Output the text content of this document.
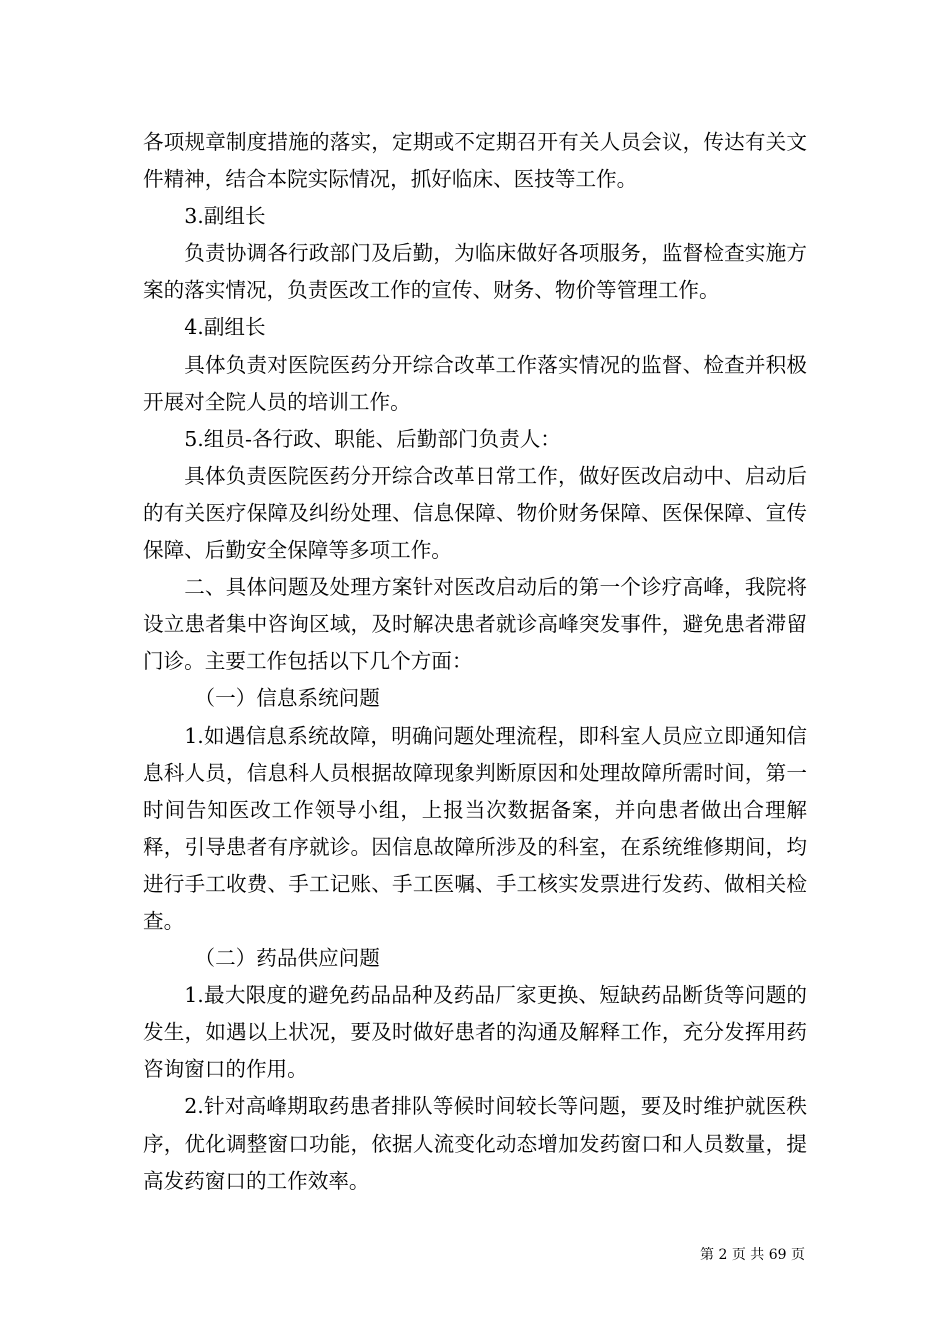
各项规章制度措施的落实，定期或不定期召开有关人员会议，传达有关文件精神，结合本院实际情况，抓好临床、医技等工作。

3.副组长

负责协调各行政部门及后勤，为临床做好各项服务，监督检查实施方案的落实情况，负责医改工作的宣传、财务、物价等管理工作。

4.副组长

具体负责对医院医药分开综合改革工作落实情况的监督、检查并积极开展对全院人员的培训工作。

5.组员-各行政、职能、后勤部门负责人：

具体负责医院医药分开综合改革日常工作，做好医改启动中、启动后的有关医疗保障及纠纷处理、信息保障、物价财务保障、医保保障、宣传保障、后勤安全保障等多项工作。

二、具体问题及处理方案针对医改启动后的第一个诊疗高峰，我院将设立患者集中咨询区域，及时解决患者就诊高峰突发事件，避免患者滞留门诊。主要工作包括以下几个方面：

（一）信息系统问题

1.如遇信息系统故障，明确问题处理流程，即科室人员应立即通知信息科人员，信息科人员根据故障现象判断原因和处理故障所需时间，第一时间告知医改工作领导小组，上报当次数据备案，并向患者做出合理解释，引导患者有序就诊。因信息故障所涉及的科室，在系统维修期间，均进行手工收费、手工记账、手工医嘱、手工核实发票进行发药、做相关检查。

（二）药品供应问题

1.最大限度的避免药品品种及药品厂家更换、短缺药品断货等问题的发生，如遇以上状况，要及时做好患者的沟通及解释工作，充分发挥用药咨询窗口的作用。

2.针对高峰期取药患者排队等候时间较长等问题，要及时维护就医秩序，优化调整窗口功能，依据人流变化动态增加发药窗口和人员数量，提高发药窗口的工作效率。

第 2 页 共 69 页
